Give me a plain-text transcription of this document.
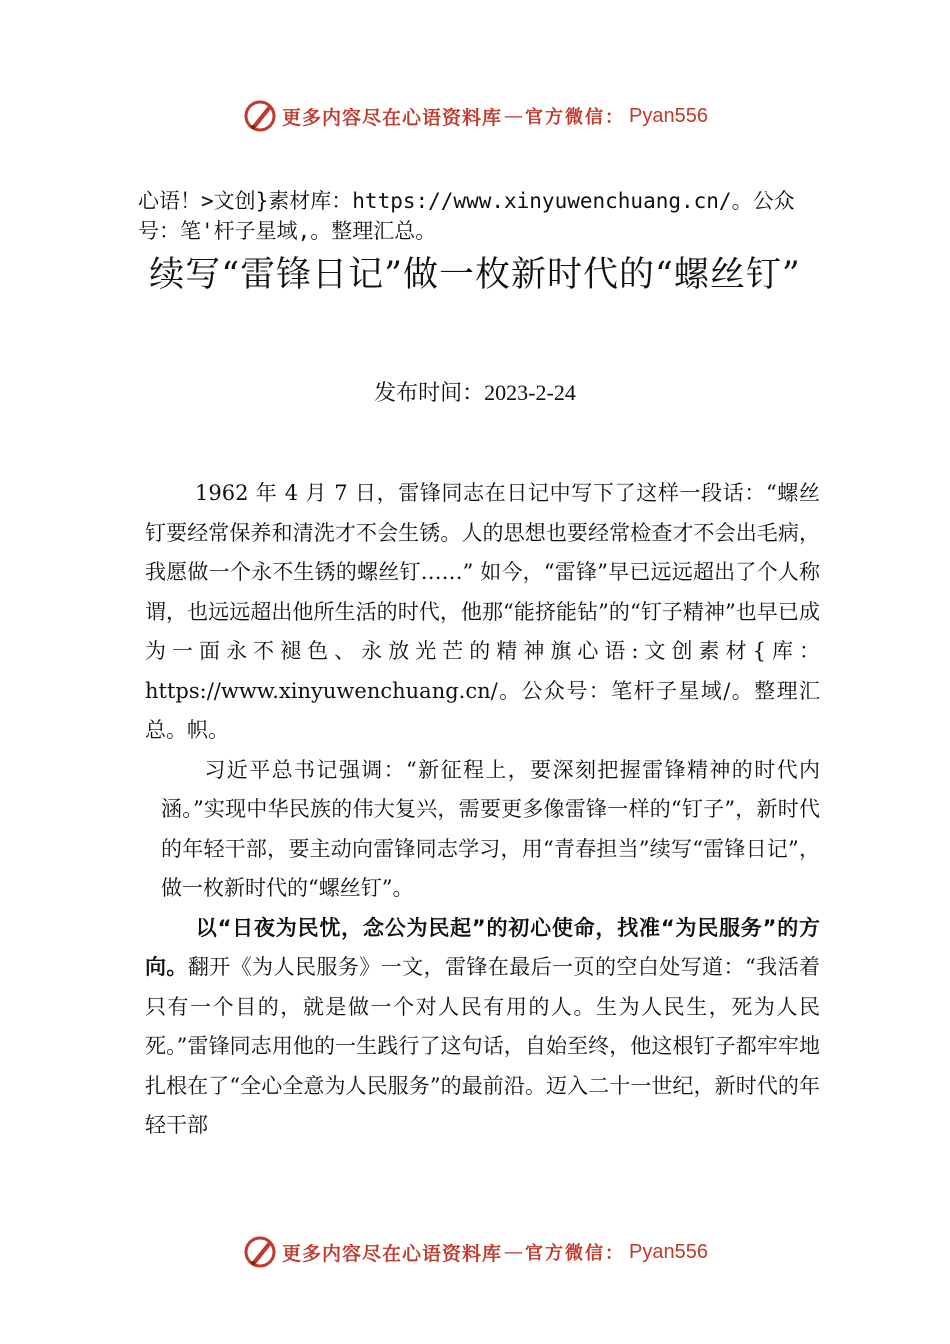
更多内容尽在心语资料库 — 官方微信： Pyan556

心语！>文创}素材库：https://www.xinyuwenchuang.cn/。公众号：笔'杆子星域,。整理汇总。

续写“雷锋日记”做一枚新时代的“螺丝钉”
发布时间：2023-2-24

1962 年 4 月 7 日，雷锋同志在日记中写下了这样一段话：“螺丝钉要经常保养和清洗才不会生锈。人的思想也要经常检查才不会出毛病，我愿做一个永不生锈的螺丝钉……” 如今，“雷锋”早已远远超出了个人称谓，也远远超出他所生活的时代，他那“能挤能钻”的“钉子精神”也早已成为一面永不褪色、永放光芒的精神旗心语:文创素材{库：https://www.xinyuwenchuang.cn/。公众号：笔杆子星域/。整理汇总。帜。

习近平总书记强调：“新征程上，要深刻把握雷锋精神的时代内涵。”实现中华民族的伟大复兴，需要更多像雷锋一样的“钉子”，新时代的年轻干部，要主动向雷锋同志学习，用“青春担当”续写“雷锋日记”，做一枚新时代的“螺丝钉”。

以“日夜为民忧，念公为民起”的初心使命，找准“为民服务”的方向。翻开《为人民服务》一文，雷锋在最后一页的空白处写道：“我活着只有一个目的，就是做一个对人民有用的人。生为人民生，死为人民死。”雷锋同志用他的一生践行了这句话，自始至终，他这根钉子都牢牢地扎根在了“全心全意为人民服务”的最前沿。迈入二十一世纪，新时代的年轻干部

更多内容尽在心语资料库 — 官方微信： Pyan556
